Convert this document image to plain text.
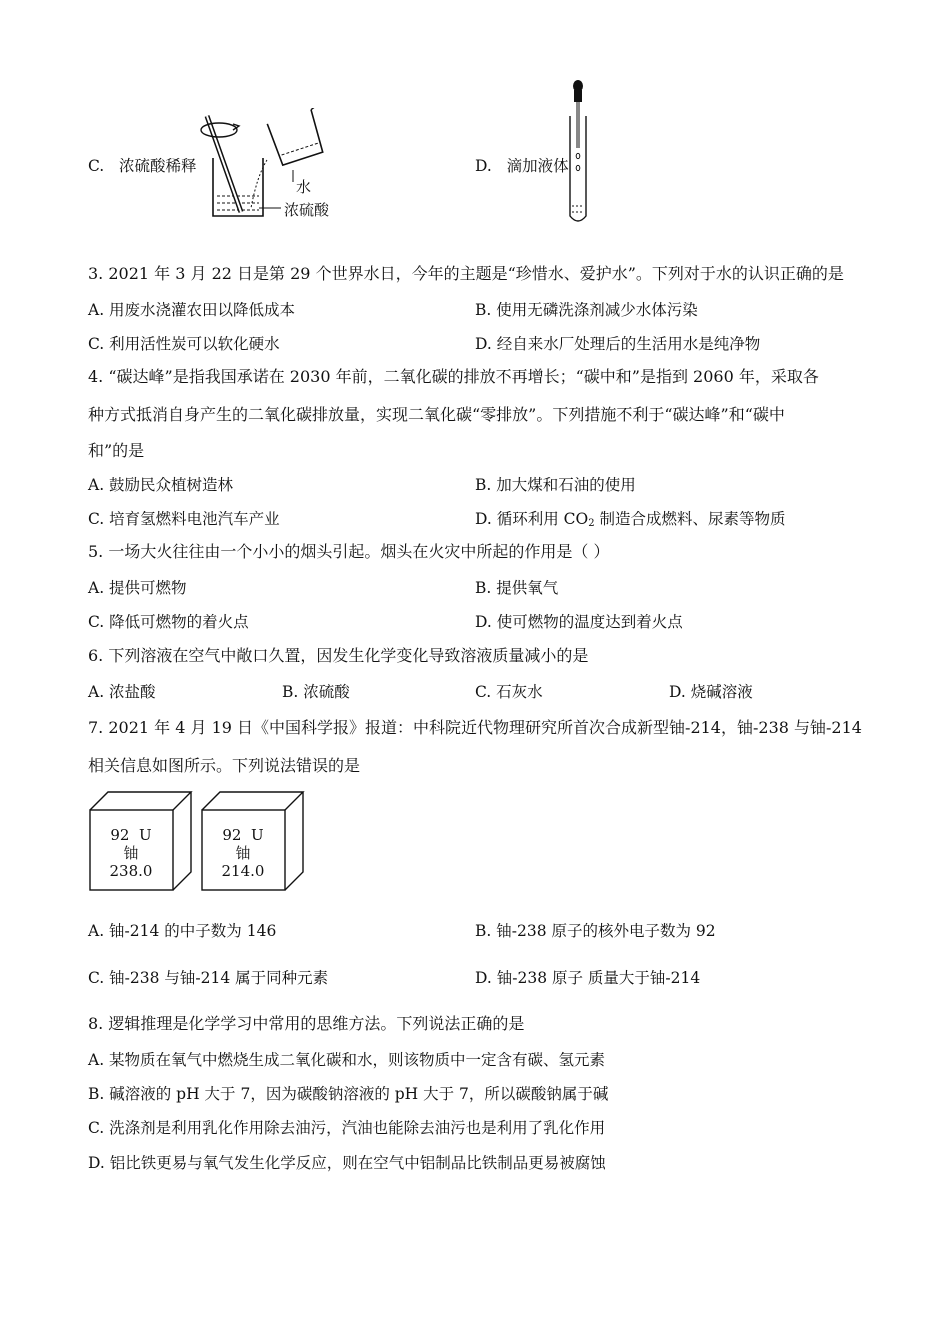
C. 浓硫酸稀释
水
浓硫酸
D. 滴加液体
3. 2021 年 3 月 22 日是第 29 个世界水日，今年的主题是“珍惜水、爱护水”。下列对于水的认识正确的是
A. 用废水浇灌农田以降低成本	B. 使用无磷洗涤剂减少水体污染
C. 利用活性炭可以软化硬水	D. 经自来水厂处理后的生活用水是纯净物
4. “碳达峰”是指我国承诺在 2030 年前，二氧化碳的排放不再增长；“碳中和”是指到 2060 年，采取各
种方式抵消自身产生的二氧化碳排放量，实现二氧化碳“零排放”。下列措施不利于“碳达峰”和“碳中
和”的是
A. 鼓励民众植树造林	B. 加大煤和石油的使用
C. 培育氢燃料电池汽车产业	D. 循环利用 $CO_2$ 制造合成燃料、尿素等物质
5. 一场大火往往由一个小小的烟头引起。烟头在火灾中所起的作用是（ ）
A. 提供可燃物	B. 提供氧气
C. 降低可燃物的着火点	D. 使可燃物的温度达到着火点
6. 下列溶液在空气中敞口久置，因发生化学变化导致溶液质量减小的是
A. 浓盐酸	B. 浓硫酸	C. 石灰水	D. 烧碱溶液
7. 2021 年 4 月 19 日《中国科学报》报道：中科院近代物理研究所首次合成新型铀-214，铀-238 与铀-214
相关信息如图所示。下列说法错误的是
92 U
铀
238.0
92 U
铀
214.0
A. 铀-214 的中子数为 146	B. 铀-238 原子的核外电子数为 92
C. 铀-238 与铀-214 属于同种元素	D. 铀-238 原子 质量大于铀-214
8. 逻辑推理是化学学习中常用的思维方法。下列说法正确的是
A. 某物质在氧气中燃烧生成二氧化碳和水，则该物质中一定含有碳、氢元素
B. 碱溶液的 pH 大于 7，因为碳酸钠溶液的 pH 大于 7，所以碳酸钠属于碱
C. 洗涤剂是利用乳化作用除去油污，汽油也能除去油污也是利用了乳化作用
D. 铝比铁更易与氧气发生化学反应，则在空气中铝制品比铁制品更易被腐蚀
